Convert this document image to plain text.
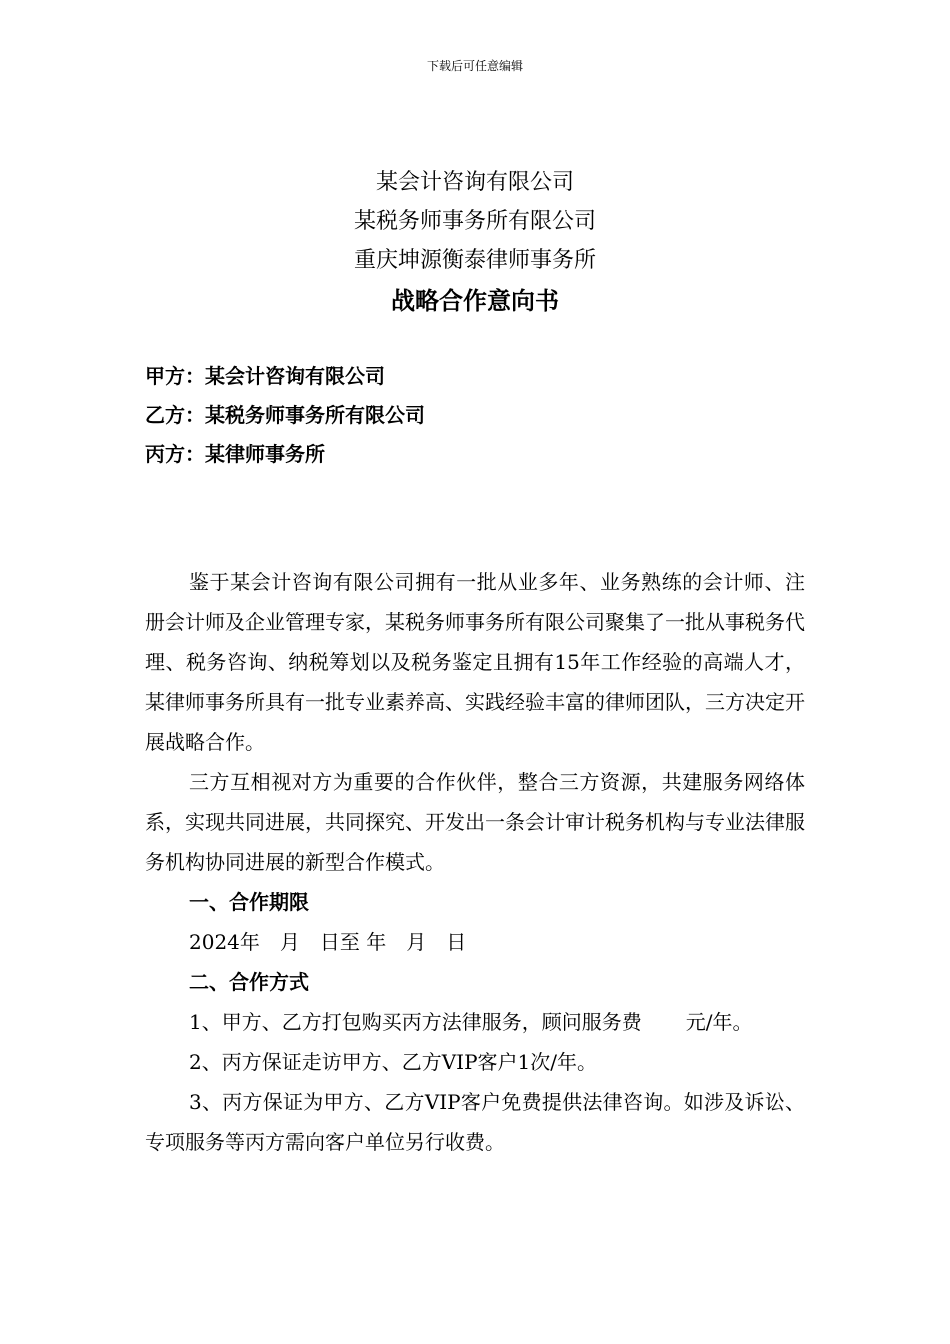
下载后可任意编辑
某会计咨询有限公司
某税务师事务所有限公司
重庆坤源衡泰律师事务所
战略合作意向书
甲方：某会计咨询有限公司
乙方：某税务师事务所有限公司
丙方：某律师事务所

鉴于某会计咨询有限公司拥有一批从业多年、业务熟练的会计师、注册会计师及企业管理专家，某税务师事务所有限公司聚集了一批从事税务代理、税务咨询、纳税筹划以及税务鉴定且拥有15年工作经验的高端人才，某律师事务所具有一批专业素养高、实践经验丰富的律师团队，三方决定开展战略合作。

三方互相视对方为重要的合作伙伴，整合三方资源，共建服务网络体系，实现共同进展，共同探究、开发出一条会计审计税务机构与专业法律服务机构协同进展的新型合作模式。

一、合作期限

2024年　月　日至 年　月　日

二、合作方式

1、甲方、乙方打包购买丙方法律服务，顾问服务费 元/年。

2、丙方保证走访甲方、乙方VIP客户1次/年。

3、丙方保证为甲方、乙方VIP客户免费提供法律咨询。如涉及诉讼、专项服务等丙方需向客户单位另行收费。
